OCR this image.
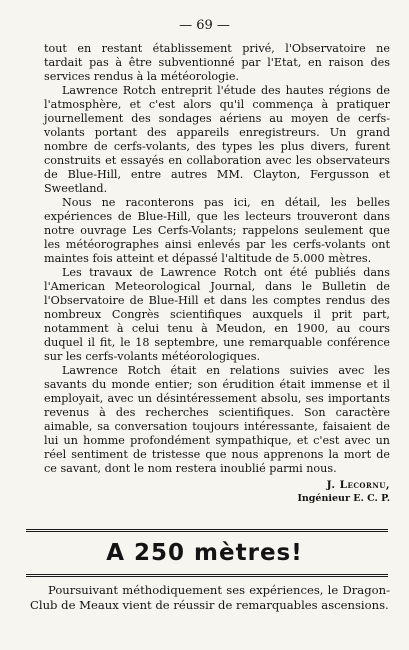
— 69 —

tout en restant établissement privé, l'Observatoire ne tardait pas à être subventionné par l'Etat, en raison des services rendus à la météorologie.

Lawrence Rotch entreprit l'étude des hautes régions de l'atmosphère, et c'est alors qu'il commença à pratiquer journellement des sondages aériens au moyen de cerfs-volants portant des appareils enregistreurs. Un grand nombre de cerfs-volants, des types les plus divers, furent construits et essayés en collaboration avec les observateurs de Blue-Hill, entre autres MM. Clayton, Fergusson et Sweetland.

Nous ne raconterons pas ici, en détail, les belles expériences de Blue-Hill, que les lecteurs trouveront dans notre ouvrage Les Cerfs-Volants; rappelons seulement que les météorographes ainsi enlevés par les cerfs-volants ont maintes fois atteint et dépassé l'altitude de 5.000 mètres.

Les travaux de Lawrence Rotch ont été publiés dans l'American Meteorological Journal, dans le Bulletin de l'Observatoire de Blue-Hill et dans les comptes rendus des nombreux Congrès scientifiques auxquels il prit part, notamment à celui tenu à Meudon, en 1900, au cours duquel il fit, le 18 septembre, une remarquable conférence sur les cerfs-volants météorologiques.

Lawrence Rotch était en relations suivies avec les savants du monde entier; son érudition était immense et il employait, avec un désintéressement absolu, ses importants revenus à des recherches scientifiques. Son caractère aimable, sa conversation toujours intéressante, faisaient de lui un homme profondément sympathique, et c'est avec un réel sentiment de tristesse que nous apprenons la mort de ce savant, dont le nom restera inoublié parmi nous.

J. Lecornu,
Ingénieur E. C. P.
A 250 mètres!

Poursuivant méthodiquement ses expériences, le Dragon-Club de Meaux vient de réussir de remarquables ascensions.
